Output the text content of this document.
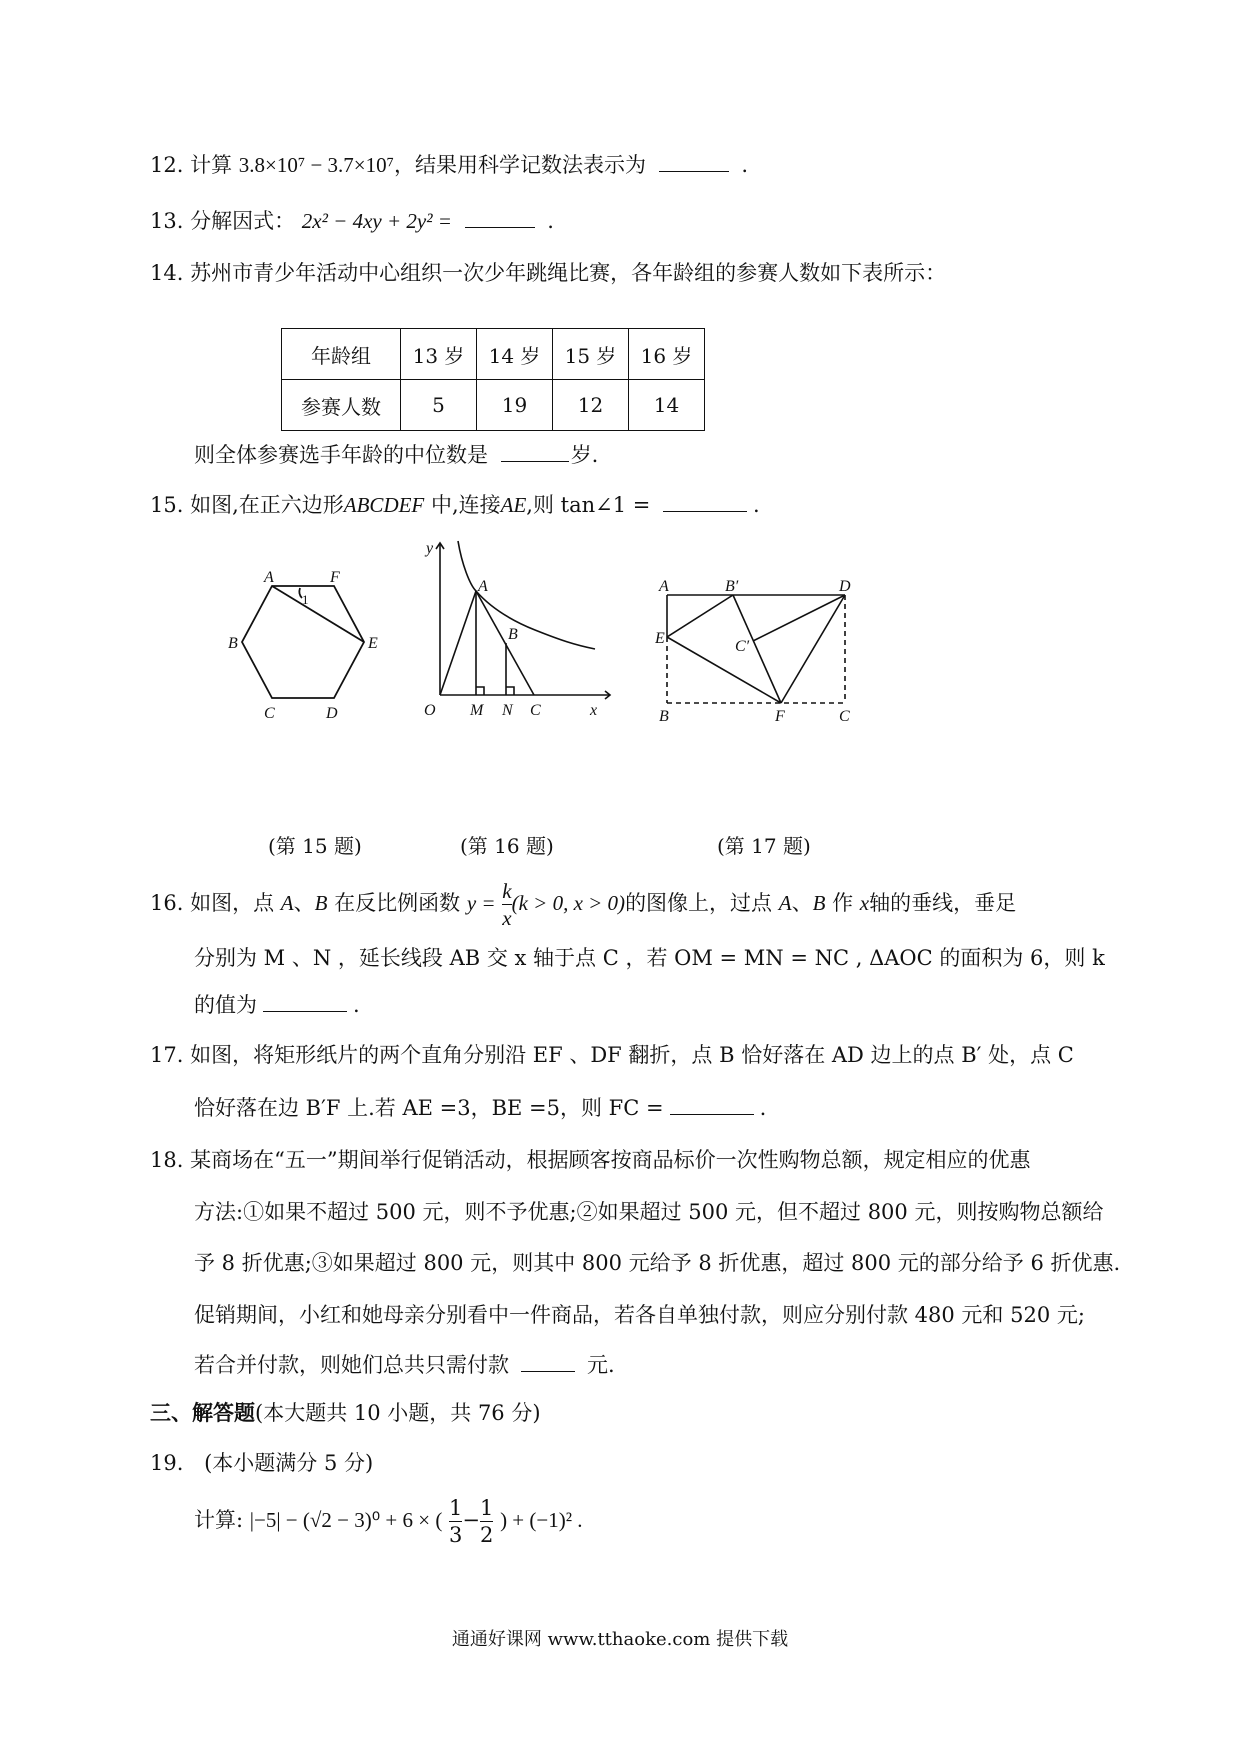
12. 计算 3.8×10⁷ − 3.7×10⁷，结果用科学记数法表示为	.
13. 分解因式： 2x² − 4xy + 2y² =	.
14. 苏州市青少年活动中心组织一次少年跳绳比赛，各年龄组的参赛人数如下表所示：
年龄组	13 岁	14 岁	15 岁	16 岁
参赛人数	5	19	12	14
则全体参赛选手年龄的中位数是	岁.
15. 如图,在正六边形ABCDEF 中,连接AE,则 tan∠1 =	.
A	F
B	E
C	D
1
y
A
B
O M N C	x
A	B′	D
E	C′
B	F	C
(第 15 题)	(第 16 题)	(第 17 题)
16. 如图，点 A、B 在反比例函数 $y = \frac{k}{x} (k > 0$, x > 0)的图像上，过点 A、B 作 x轴的垂线，垂足
分别为 M 、N ，延长线段 AB 交 x 轴于点 C ，若 OM = MN = NC , ΔAOC 的面积为 6，则 k
的值为	.
17. 如图，将矩形纸片的两个直角分别沿 EF 、DF 翻折，点 B 恰好落在 AD 边上的点 B′ 处，点 C
恰好落在边 B′F 上.若 AE =3，BE =5，则 FC =	.
18. 某商场在“五一”期间举行促销活动，根据顾客按商品标价一次性购物总额，规定相应的优惠
方法:①如果不超过 500 元，则不予优惠;②如果超过 500 元，但不超过 800 元，则按购物总额给
予 8 折优惠;③如果超过 800 元，则其中 800 元给予 8 折优惠，超过 800 元的部分给予 6 折优惠.
促销期间，小红和她母亲分别看中一件商品，若各自单独付款，则应分别付款 480 元和 520 元;
若合并付款，则她们总共只需付款	元.
三、解答题(本大题共 10 小题，共 76 分)
19. (本小题满分 5 分)
计算: |−5| − (√2 − 3)⁰ + 6 × ( $\frac{1}{3} - \frac{1}{2}$ ) + (−1)² .
通通好课网 www.tthaoke.com 提供下载
